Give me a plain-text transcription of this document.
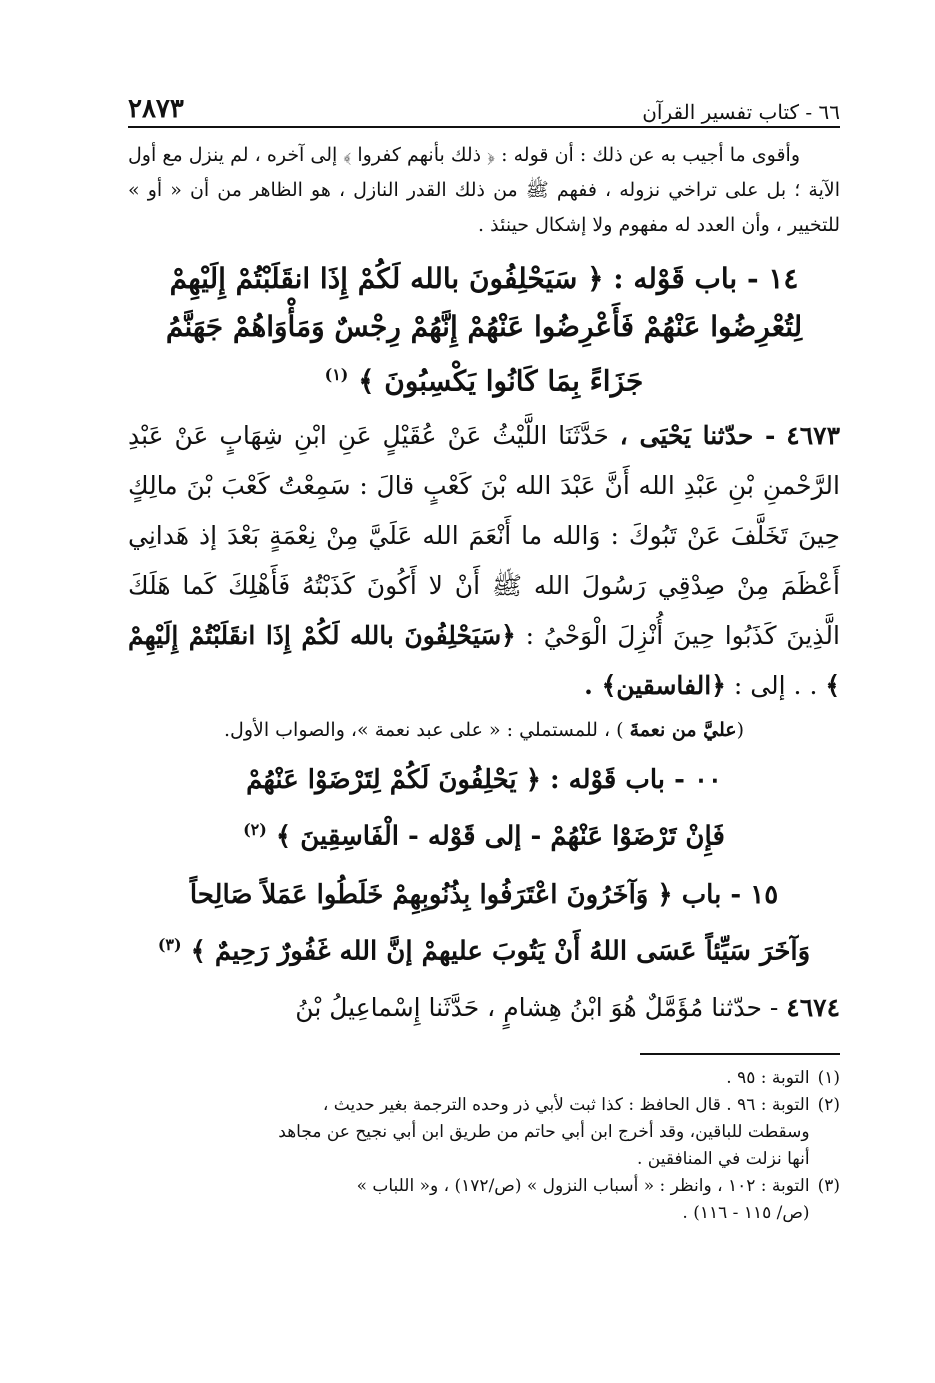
٦٦ - كتاب تفسير القرآن
٢٨٧٣

وأقوى ما أجيب به عن ذلك : أن قوله : ﴿ ذلك بأنهم كفروا ﴾ إلى آخره ، لم ينزل مع أول الآية ؛ بل على تراخي نزوله ، ففهم ﷺ من ذلك القدر النازل ، هو الظاهر من أن « أو » للتخيير ، وأن العدد له مفهوم ولا إشكال حينئذ .

١٤ - باب قَوْله : ﴿ سَيَحْلِفُونَ بالله لَكُمْ إِذَا انقَلَبْتُمْ إِلَيْهِمْ
لِتُعْرِضُوا عَنْهُمْ فَأَعْرِضُوا عَنْهُمْ إِنَّهُمْ رِجْسٌ وَمَأْوَاهُمْ جَهَنَّمُ
جَزَاءً بِمَا كَانُوا يَكْسِبُونَ ﴾ $^{(١)}$
٤٦٧٣ - حدّثنا يَحْيَى ، حَدَّثَنَا اللَّيْثُ عَنْ عُقَيْلٍ عَنِ ابْنِ شِهَابٍ عَنْ عَبْدِ الرَّحْمنِ بْنِ عَبْدِ الله أَنَّ عَبْدَ الله بْنَ كَعْبٍ قالَ : سَمِعْتُ كَعْبَ بْنَ مالِكٍ حِينَ تَخَلَّفَ عَنْ تَبُوكَ : وَالله ما أَنْعَمَ الله عَلَيَّ مِنْ نِعْمَةٍ بَعْدَ إذ هَدانِي أَعْظَمَ مِنْ صِدْقِي رَسُولَ الله ﷺ أَنْ لا أَكُونَ كَذَبْتُهُ فَأَهْلِكَ كَما هَلَكَ الَّذِينَ كَذَبُوا حِينَ أُنْزِلَ الْوَحْيُ : ﴿سَيَحْلِفُونَ بالله لَكُمْ إِذَا انقَلَبْتُمْ إِلَيْهِمْ ﴾ . . إلى : ﴿الفاسقين﴾ .
(عليَّ من نعمةَ ) ، للمستملي : « على عبد نعمة »، والصواب الأول.
٠٠ - باب قَوْله : ﴿ يَحْلِفُونَ لَكُمْ لِتَرْضَوْا عَنْهُمْ
فَإِنْ تَرْضَوْا عَنْهُمْ - إلى قَوْله - الْفَاسِقِينَ ﴾ $^{(٢)}$
١٥ - باب ﴿ وَآخَرُونَ اعْتَرَفُوا بِذُنُوبِهِمْ خَلَطُوا عَمَلاً صَالِحاً
وَآخَرَ سَيِّئاً عَسَى اللهُ أَنْ يَتُوبَ عليهمْ إنَّ الله غَفُورٌ رَحِيمٌ ﴾ $^{(٣)}$
٤٦٧٤ - حدّثنا مُؤَمَّلٌ هُوَ ابْنُ هِشامٍ ، حَدَّثَنا إِسْماعِيلُ بْنُ
(١)
التوبة : ٩٥ .
(٢)
التوبة : ٩٦ . قال الحافظ : كذا ثبت لأبي ذر وحده الترجمة بغير حديث ،
وسقطت للباقين، وقد أخرج ابن أبي حاتم من طريق ابن أبي نجيح عن مجاهد
أنها نزلت في المنافقين .
(٣)
التوبة : ١٠٢ ، وانظر : « أسباب النزول » (ص/١٧٢) ، و« اللباب »
(ص/ ١١٥ - ١١٦) .
